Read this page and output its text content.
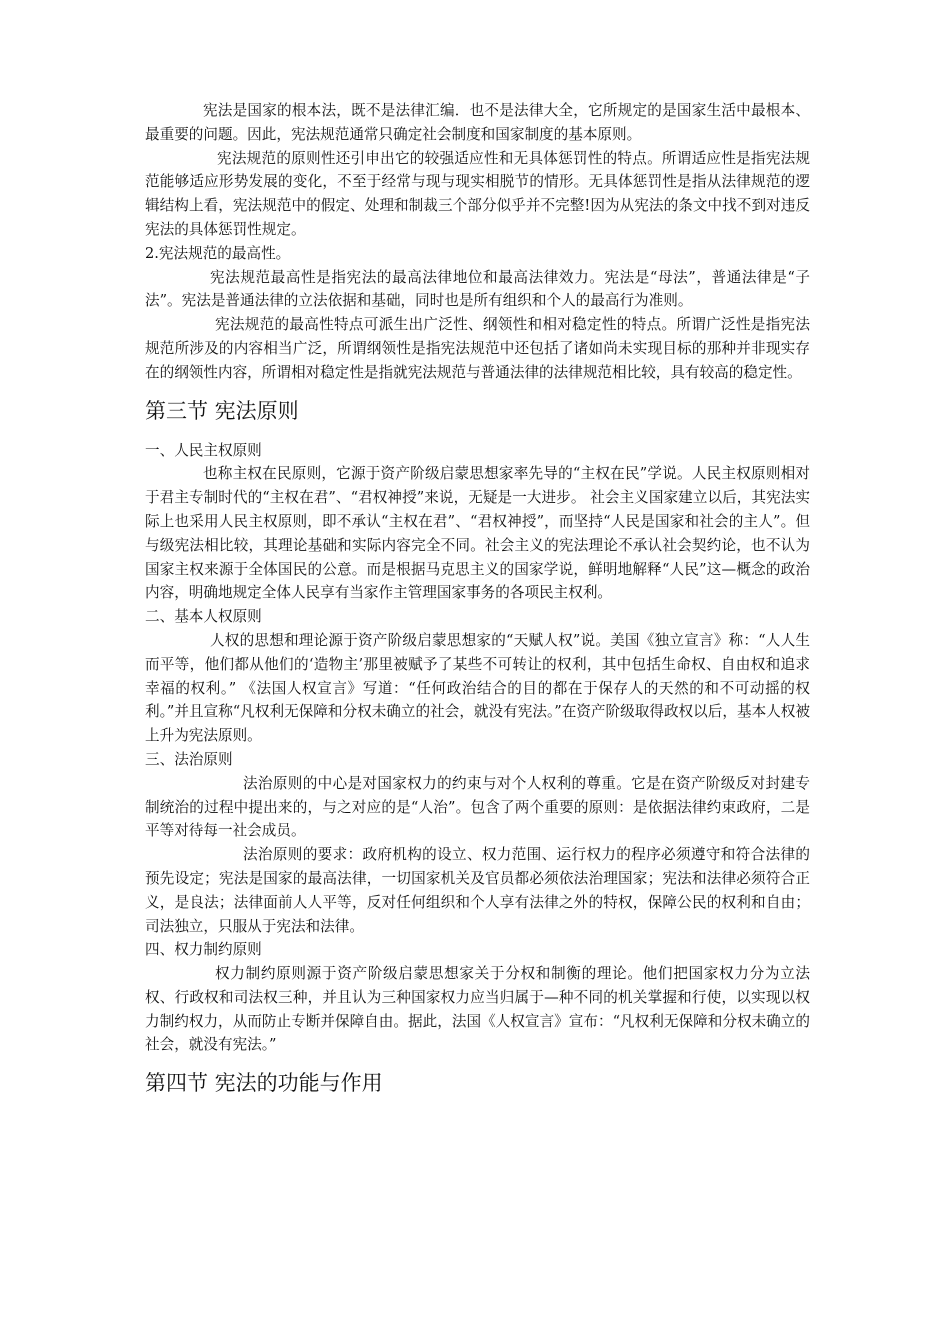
宪法是国家的根本法，既不是法律汇编．也不是法律大全，它所规定的是国家生活中最根本、最重要的问题。因此，宪法规范通常只确定社会制度和国家制度的基本原则。

宪法规范的原则性还引申出它的较强适应性和无具体惩罚性的特点。所谓适应性是指宪法规范能够适应形势发展的变化，不至于经常与现与现实相脱节的情形。无具体惩罚性是指从法律规范的逻辑结构上看，宪法规范中的假定、处理和制裁三个部分似乎并不完整!因为从宪法的条文中找不到对违反宪法的具体惩罚性规定。

2.宪法规范的最高性。

宪法规范最高性是指宪法的最高法律地位和最高法律效力。宪法是“母法”，普通法律是“子法”。宪法是普通法律的立法依据和基础，同时也是所有组织和个人的最高行为准则。

宪法规范的最高性特点可派生出广泛性、纲领性和相对稳定性的特点。所谓广泛性是指宪法规范所涉及的内容相当广泛，所谓纲领性是指宪法规范中还包括了诸如尚未实现目标的那种并非现实存在的纲领性内容，所谓相对稳定性是指就宪法规范与普通法律的法律规范相比较，具有较高的稳定性。

第三节 宪法原则

一、人民主权原则

也称主权在民原则，它源于资产阶级启蒙思想家率先导的“主权在民”学说。人民主权原则相对于君主专制时代的“主权在君”、“君权神授”来说，无疑是一大进步。 社会主义国家建立以后，其宪法实际上也采用人民主权原则，即不承认“主权在君”、“君权神授”，而坚持“人民是国家和社会的主人”。但与级宪法相比较，其理论基础和实际内容完全不同。社会主义的宪法理论不承认社会契约论，也不认为国家主权来源于全体国民的公意。而是根据马克思主义的国家学说，鲜明地解释“人民”这—概念的政治内容，明确地规定全体人民享有当家作主管理国家事务的各项民主权利。

二、基本人权原则

人权的思想和理论源于资产阶级启蒙思想家的“天赋人权”说。美国《独立宣言》称：“人人生而平等，他们都从他们的‘造物主’那里被赋予了某些不可转让的权利，其中包括生命权、自由权和追求幸福的权利。” 《法国人权宣言》写道：“任何政治结合的目的都在于保存人的天然的和不可动摇的权利。”并且宣称“凡权利无保障和分权未确立的社会，就没有宪法。”在资产阶级取得政权以后，基本人权被上升为宪法原则。

三、法治原则

法治原则的中心是对国家权力的约束与对个人权利的尊重。它是在资产阶级反对封建专制统治的过程中提出来的，与之对应的是“人治”。包含了两个重要的原则：是依据法律约束政府，二是平等对待每一社会成员。

法治原则的要求：政府机构的设立、权力范围、运行权力的程序必须遵守和符合法律的预先设定；宪法是国家的最高法律，一切国家机关及官员都必须依法治理国家；宪法和法律必须符合正义，是良法；法律面前人人平等，反对任何组织和个人享有法律之外的特权，保障公民的权利和自由；司法独立，只服从于宪法和法律。

四、权力制约原则

权力制约原则源于资产阶级启蒙思想家关于分权和制衡的理论。他们把国家权力分为立法权、行政权和司法权三种，并且认为三种国家权力应当归属于—种不同的机关掌握和行使，以实现以权力制约权力，从而防止专断并保障自由。据此，法国《人权宣言》宣布：“凡权利无保障和分权未确立的社会，就没有宪法。”

第四节 宪法的功能与作用
